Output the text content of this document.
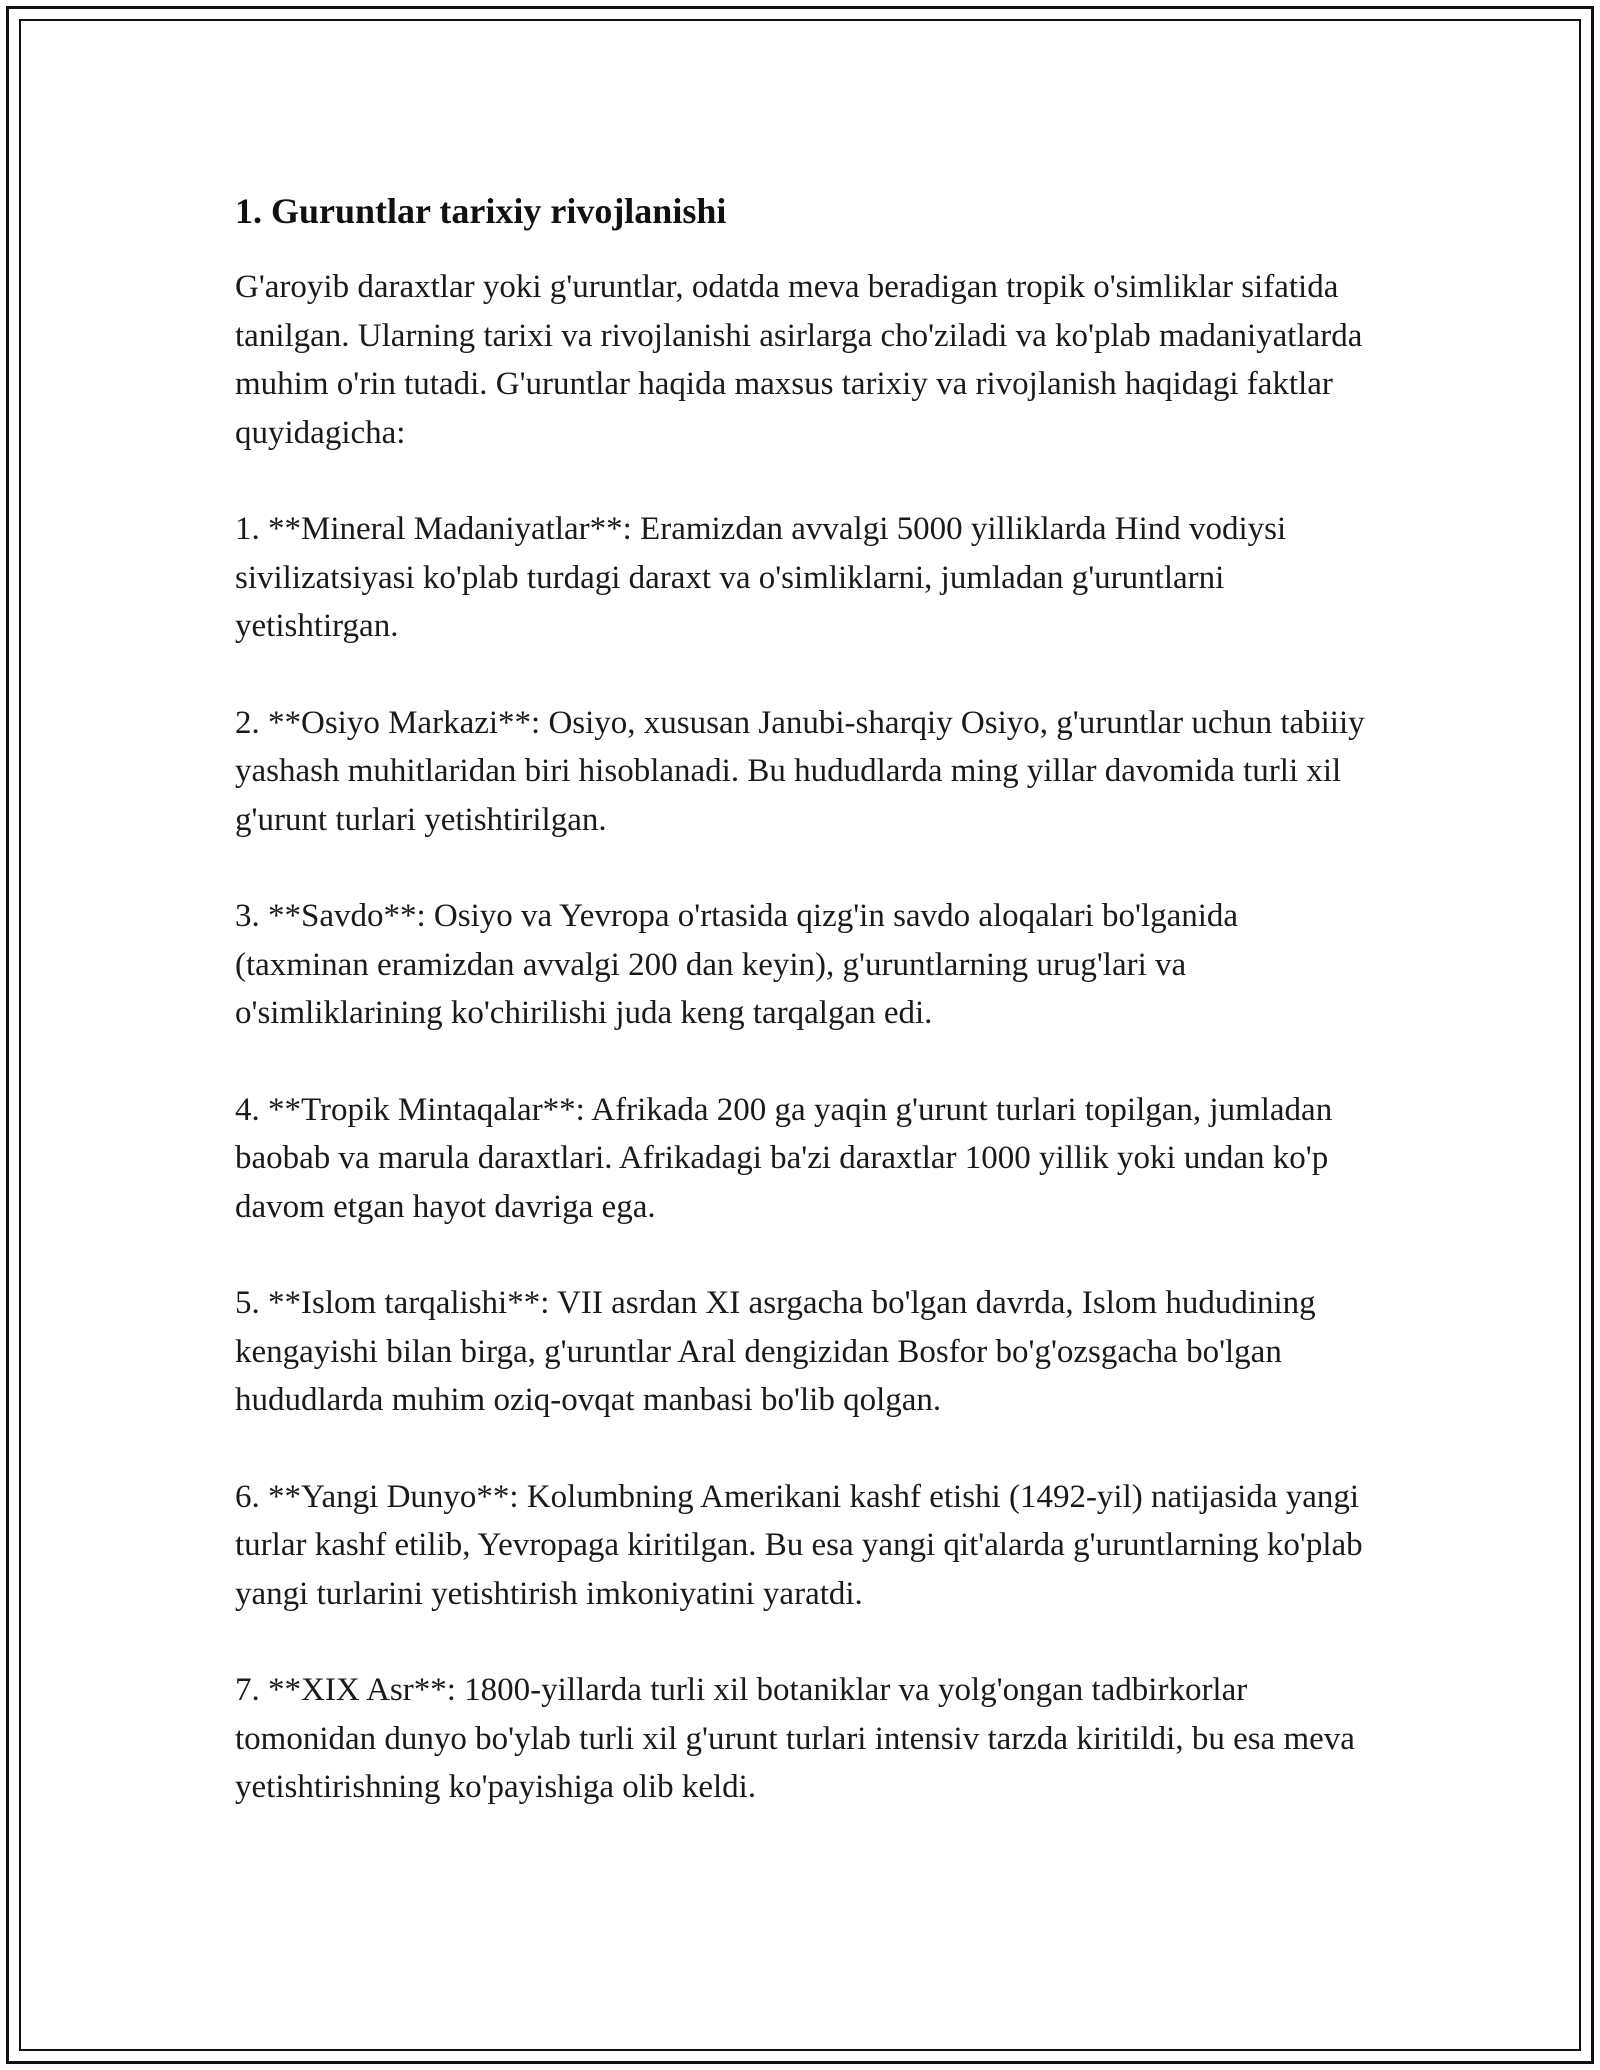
1. Guruntlar tarixiy rivojlanishi

G'aroyib daraxtlar yoki g'uruntlar, odatda meva beradigan tropik o'simliklar sifatida tanilgan. Ularning tarixi va rivojlanishi asirlarga cho'ziladi va ko'plab madaniyatlarda muhim o'rin tutadi. G'uruntlar haqida maxsus tarixiy va rivojlanish haqidagi faktlar quyidagicha:

1. **Mineral Madaniyatlar**: Eramizdan avvalgi 5000 yilliklarda Hind vodiysi sivilizatsiyasi ko'plab turdagi daraxt va o'simliklarni, jumladan g'uruntlarni yetishtirgan.

2. **Osiyo Markazi**: Osiyo, xususan Janubi-sharqiy Osiyo, g'uruntlar uchun tabiiiy yashash muhitlaridan biri hisoblanadi. Bu hududlarda ming yillar davomida turli xil g'urunt turlari yetishtirilgan.

3. **Savdo**: Osiyo va Yevropa o'rtasida qizg'in savdo aloqalari bo'lganida (taxminan eramizdan avvalgi 200 dan keyin), g'uruntlarning urug'lari va o'simliklarining ko'chirilishi juda keng tarqalgan edi.

4. **Tropik Mintaqalar**: Afrikada 200 ga yaqin g'urunt turlari topilgan, jumladan baobab va marula daraxtlari. Afrikadagi ba'zi daraxtlar 1000 yillik yoki undan ko'p davom etgan hayot davriga ega.

5. **Islom tarqalishi**: VII asrdan XI asrgacha bo'lgan davrda, Islom hududining kengayishi bilan birga, g'uruntlar Aral dengizidan Bosfor bo'g'ozsgacha bo'lgan hududlarda muhim oziq-ovqat manbasi bo'lib qolgan.

6. **Yangi Dunyo**: Kolumbning Amerikani kashf etishi (1492-yil) natijasida yangi turlar kashf etilib, Yevropaga kiritilgan. Bu esa yangi qit'alarda g'uruntlarning ko'plab yangi turlarini yetishtirish imkoniyatini yaratdi.

7. **XIX Asr**: 1800-yillarda turli xil botaniklar va yolg'ongan tadbirkorlar tomonidan dunyo bo'ylab turli xil g'urunt turlari intensiv tarzda kiritildi, bu esa meva yetishtirishning ko'payishiga olib keldi.
